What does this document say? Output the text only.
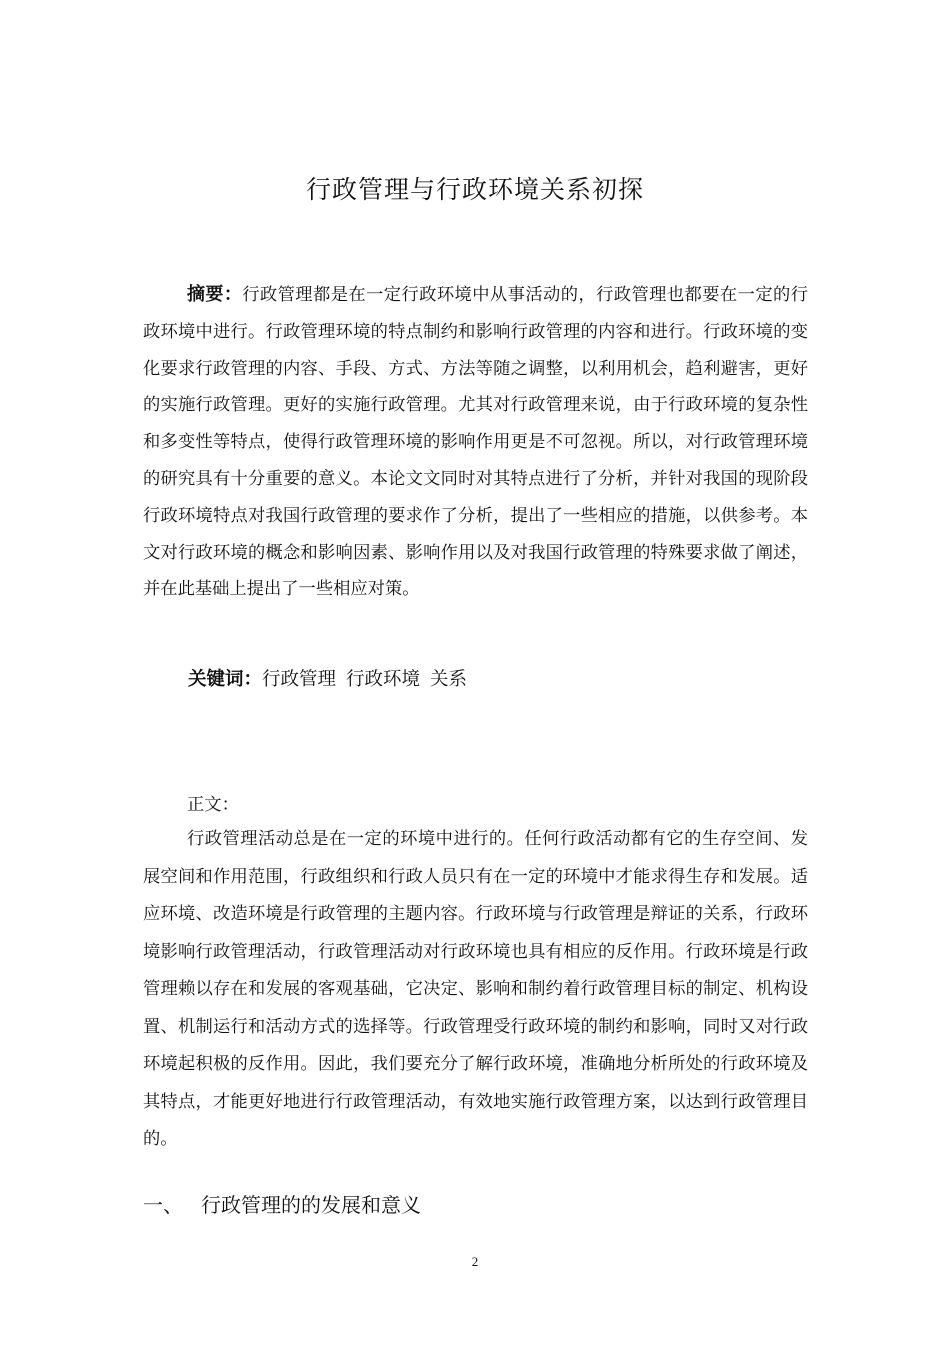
行政管理与行政环境关系初探

摘要：行政管理都是在一定行政环境中从事活动的，行政管理也都要在一定的行政环境中进行。行政管理环境的特点制约和影响行政管理的内容和进行。行政环境的变化要求行政管理的内容、手段、方式、方法等随之调整，以利用机会，趋利避害，更好的实施行政管理。更好的实施行政管理。尤其对行政管理来说，由于行政环境的复杂性和多变性等特点，使得行政管理环境的影响作用更是不可忽视。所以，对行政管理环境的研究具有十分重要的意义。本论文文同时对其特点进行了分析，并针对我国的现阶段行政环境特点对我国行政管理的要求作了分析，提出了一些相应的措施，以供参考。本文对行政环境的概念和影响因素、影响作用以及对我国行政管理的特殊要求做了阐述，并在此基础上提出了一些相应对策。

关键词：行政管理 行政环境 关系
正文：

行政管理活动总是在一定的环境中进行的。任何行政活动都有它的生存空间、发展空间和作用范围，行政组织和行政人员只有在一定的环境中才能求得生存和发展。适应环境、改造环境是行政管理的主题内容。行政环境与行政管理是辩证的关系，行政环境影响行政管理活动，行政管理活动对行政环境也具有相应的反作用。行政环境是行政管理赖以存在和发展的客观基础，它决定、影响和制约着行政管理目标的制定、机构设置、机制运行和活动方式的选择等。行政管理受行政环境的制约和影响，同时又对行政环境起积极的反作用。因此，我们要充分了解行政环境，准确地分析所处的行政环境及其特点，才能更好地进行行政管理活动，有效地实施行政管理方案，以达到行政管理目的。

一、 行政管理的的发展和意义
2
